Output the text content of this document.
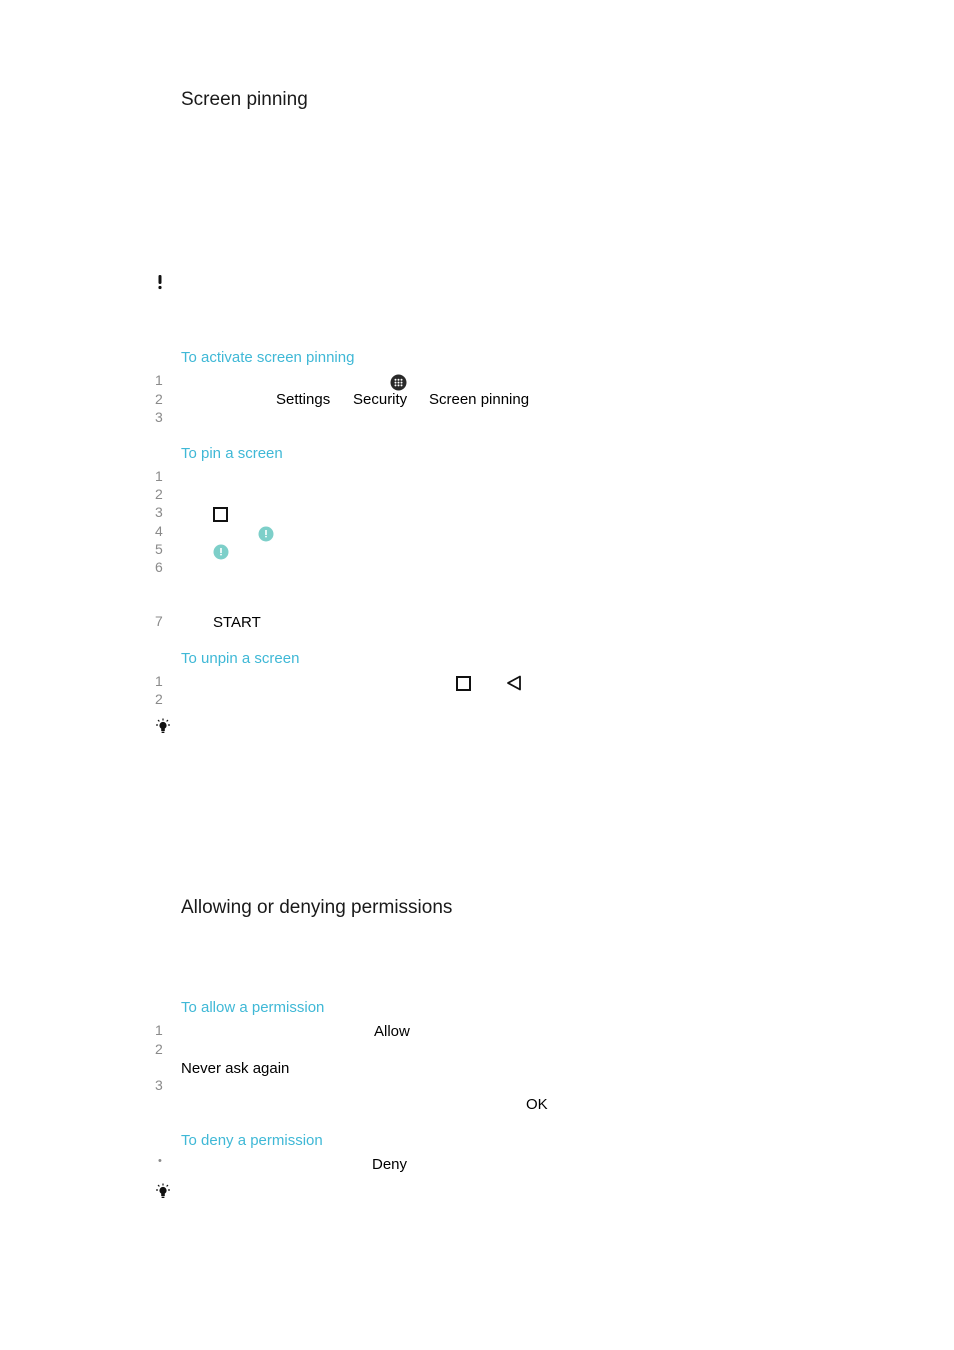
Screen pinning
To activate screen pinning
1
2
3
Settings Security Screen pinning
To pin a screen
1
2
3
4
5
6
7	START
To unpin a screen
1
2
Allowing or denying permissions
To allow a permission
1
2
3
Allow
Never ask again
OK
To deny a permission
•	Deny
